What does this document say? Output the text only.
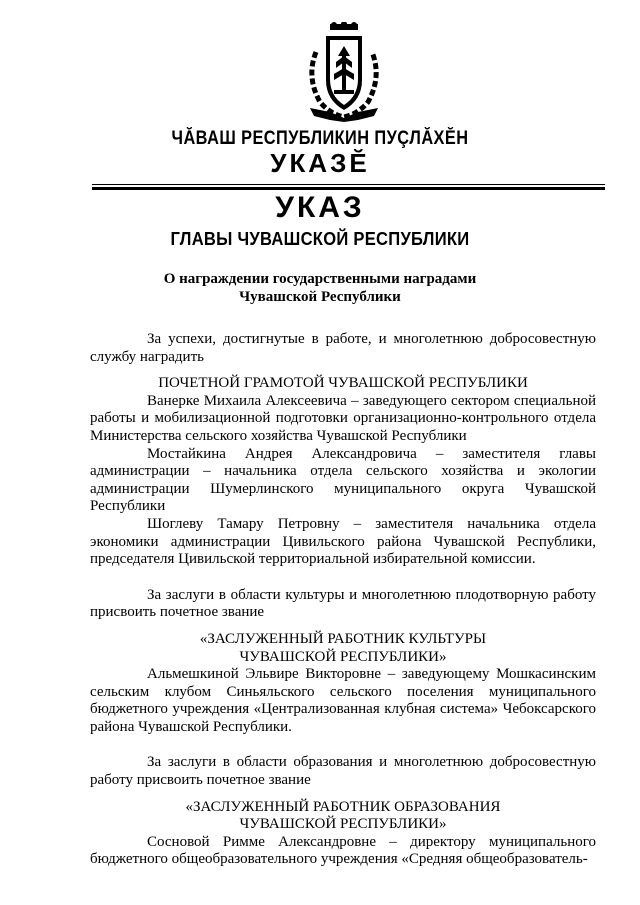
ЧĂВАШ РЕСПУБЛИКИН ПУÇЛĂХĔН
УКАЗĔ
УКАЗ
ГЛАВЫ ЧУВАШСКОЙ РЕСПУБЛИКИ
О награждении государственными наградами
Чувашской Республики

За успехи, достигнутые в работе, и многолетнюю добросовестную службу наградить

ПОЧЕТНОЙ ГРАМОТОЙ ЧУВАШСКОЙ РЕСПУБЛИКИ

Ванерке Михаила Алексеевича – заведующего сектором специальной работы и мобилизационной подготовки организационно-контрольного отдела Министерства сельского хозяйства Чувашской Республики

Мостайкина Андрея Александровича – заместителя главы администрации – начальника отдела сельского хозяйства и экологии администрации Шумерлинского муниципального округа Чувашской Республики

Шоглеву Тамару Петровну – заместителя начальника отдела экономики администрации Цивильского района Чувашской Республики, председателя Цивильской территориальной избирательной комиссии.

За заслуги в области культуры и многолетнюю плодотворную работу присвоить почетное звание

«ЗАСЛУЖЕННЫЙ РАБОТНИК КУЛЬТУРЫ

ЧУВАШСКОЙ РЕСПУБЛИКИ»

Альмешкиной Эльвире Викторовне – заведующему Мошкасинским сельским клубом Синьяльского сельского поселения муниципального бюджетного учреждения «Централизованная клубная система» Чебоксарского района Чувашской Республики.

За заслуги в области образования и многолетнюю добросовестную работу присвоить почетное звание

«ЗАСЛУЖЕННЫЙ РАБОТНИК ОБРАЗОВАНИЯ

ЧУВАШСКОЙ РЕСПУБЛИКИ»

Сосновой Римме Александровне – директору муниципального бюджетного общеобразовательного учреждения «Средняя общеобразователь-
